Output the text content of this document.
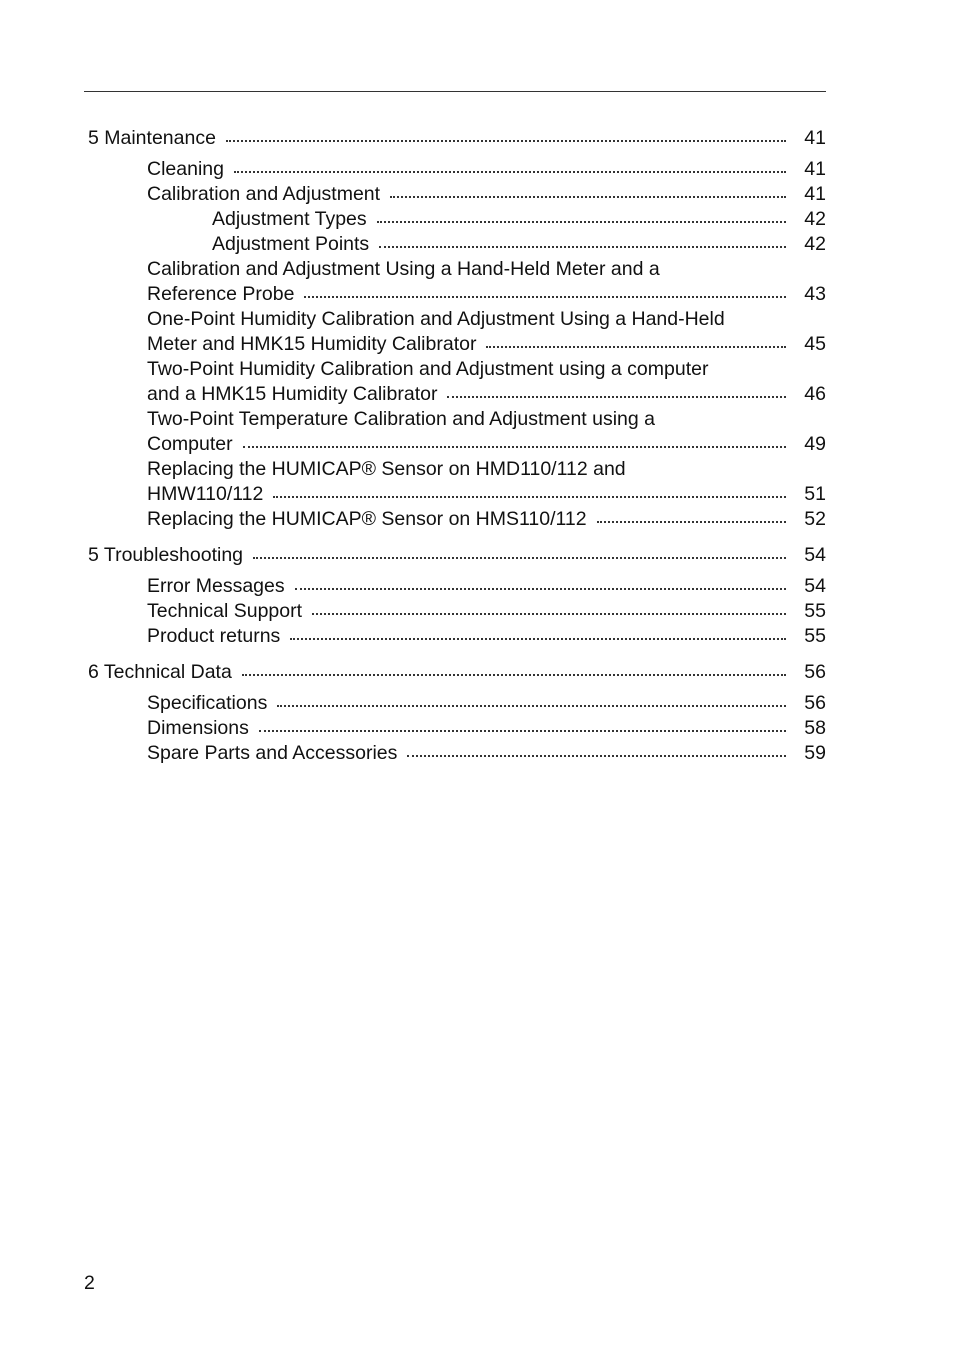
5 Maintenance	41
Cleaning	41
Calibration and Adjustment	41
Adjustment Types	42
Adjustment Points	42
Calibration and Adjustment Using a Hand-Held Meter and a
Reference Probe	43
One-Point Humidity Calibration and Adjustment Using a Hand-Held
Meter and HMK15 Humidity Calibrator	45
Two-Point Humidity Calibration and Adjustment using a computer
and a HMK15 Humidity Calibrator	46
Two-Point Temperature Calibration and Adjustment using a
Computer	49
Replacing the HUMICAP® Sensor on HMD110/112 and
HMW110/112	51
Replacing the HUMICAP® Sensor on HMS110/112	52
5 Troubleshooting	54
Error Messages	54
Technical Support	55
Product returns	55
6 Technical Data	56
Specifications	56
Dimensions	58
Spare Parts and Accessories	59
2
